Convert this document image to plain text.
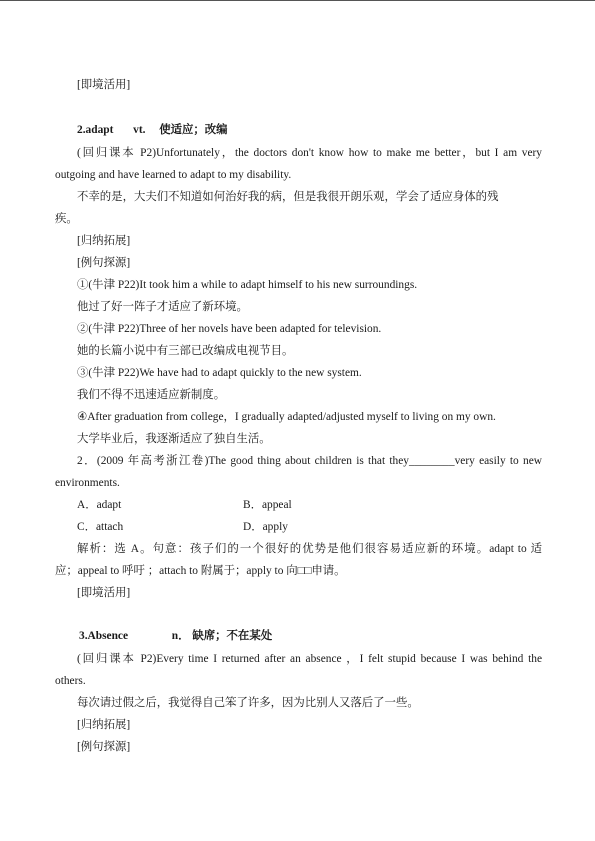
[即境活用]
2.adapt vt. 使适应；改编
(回归课本 P2)Unfortunately，the doctors don't know how to make me better，but I am very
outgoing and have learned to adapt to my disability.
不幸的是，大夫们不知道如何治好我的病，但是我很开朗乐观，学会了适应身体的残
疾。
[归纳拓展]
[例句探源]
①(牛津 P22)It took him a while to adapt himself to his new surroundings.
他过了好一阵子才适应了新环境。
②(牛津 P22)Three of her novels have been adapted for television.
她的长篇小说中有三部已改编成电视节目。
③(牛津 P22)We have had to adapt quickly to the new system.
我们不得不迅速适应新制度。
④After graduation from college，I gradually adapted/adjusted myself to living on my own.
大学毕业后，我逐渐适应了独自生活。
2．(2009 年高考浙江卷)The good thing about children is that they________very easily to new
environments.
A．adapt	B．appeal
C．attach	D．apply
解析：选 A。句意：孩子们的一个很好的优势是他们很容易适应新的环境。adapt to 适
应；appeal to 呼吁 ；attach to 附属于；apply to 向□□申请。
[即境活用]
3.Absence	n． 缺席；不在某处
(回归课本 P2)Every time I returned after an absence ，I felt stupid because I was behind the
others.
每次请过假之后，我觉得自己笨了许多，因为比别人又落后了一些。
[归纳拓展]
[例句探源]
